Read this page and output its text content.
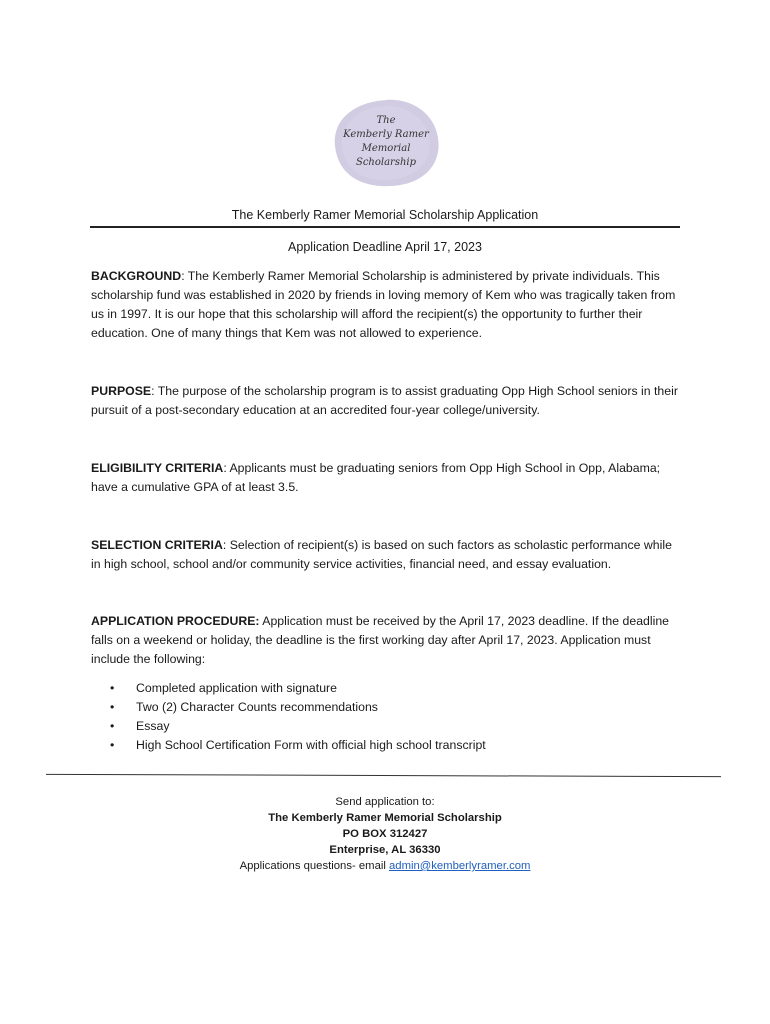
The
Kemberly Ramer
Memorial
Scholarship
The Kemberly Ramer Memorial Scholarship Application
Application Deadline April 17, 2023

BACKGROUND: The Kemberly Ramer Memorial Scholarship is administered by private individuals. This scholarship fund was established in 2020 by friends in loving memory of Kem who was tragically taken from us in 1997. It is our hope that this scholarship will afford the recipient(s) the opportunity to further their education. One of many things that Kem was not allowed to experience.

PURPOSE: The purpose of the scholarship program is to assist graduating Opp High School seniors in their pursuit of a post-secondary education at an accredited four-year college/university.

ELIGIBILITY CRITERIA: Applicants must be graduating seniors from Opp High School in Opp, Alabama; have a cumulative GPA of at least 3.5.

SELECTION CRITERIA: Selection of recipient(s) is based on such factors as scholastic performance while in high school, school and/or community service activities, financial need, and essay evaluation.

APPLICATION PROCEDURE: Application must be received by the April 17, 2023 deadline. If the deadline falls on a weekend or holiday, the deadline is the first working day after April 17, 2023. Application must include the following:

•	Completed application with signature
•	Two (2) Character Counts recommendations
•	Essay
•	High School Certification Form with official high school transcript
Send application to:
The Kemberly Ramer Memorial Scholarship
PO BOX 312427
Enterprise, AL 36330
Applications questions- email admin@kemberlyramer.com
